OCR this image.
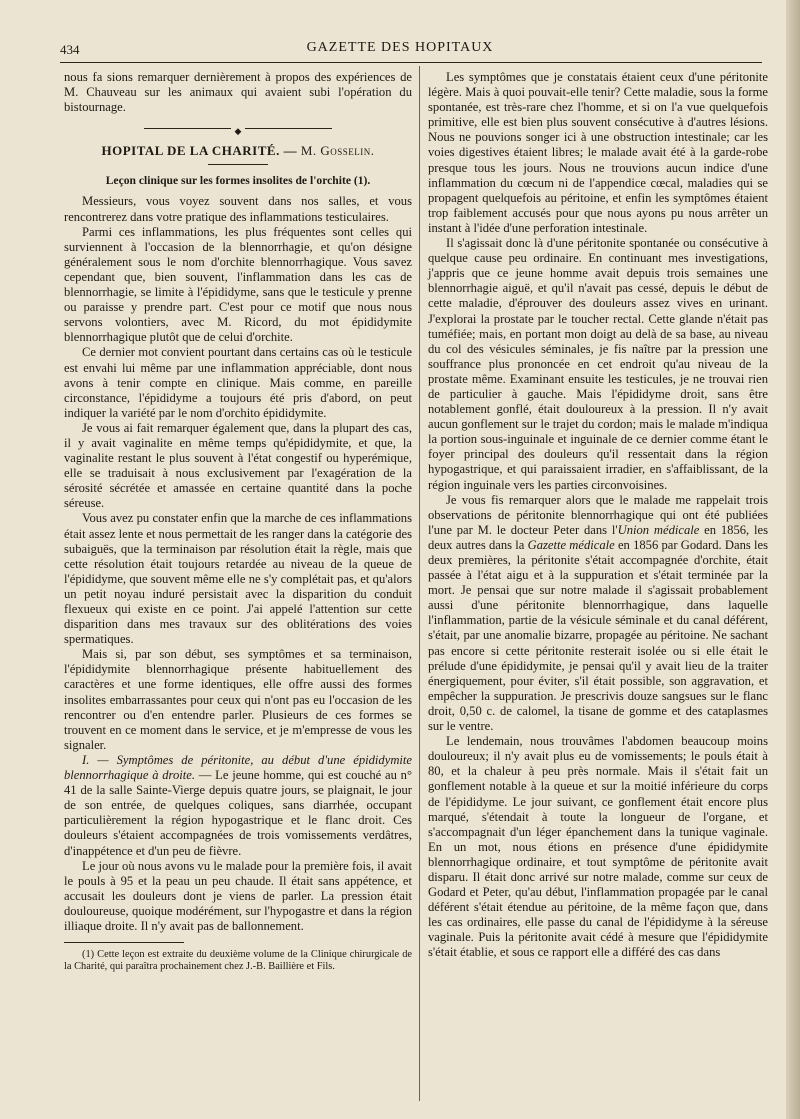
434	GAZETTE DES HOPITAUX

nous fa sions remarquer dernièrement à propos des expériences de M. Chauveau sur les animaux qui avaient subi l'opération du bistournage.

◆
HOPITAL DE LA CHARITÉ. — M. Gosselin.
Leçon clinique sur les formes insolites de l'orchite (1).

Messieurs, vous voyez souvent dans nos salles, et vous rencontrerez dans votre pratique des inflammations testiculaires.

Parmi ces inflammations, les plus fréquentes sont celles qui surviennent à l'occasion de la blennorrhagie, et qu'on désigne généralement sous le nom d'orchite blennorrhagique. Vous savez cependant que, bien souvent, l'inflammation dans les cas de blennorrhagie, se limite à l'épididyme, sans que le testicule y prenne ou paraisse y prendre part. C'est pour ce motif que nous nous servons volontiers, avec M. Ricord, du mot épididymite blennorrhagique plutôt que de celui d'orchite.

Ce dernier mot convient pourtant dans certains cas où le testicule est envahi lui même par une inflammation appréciable, dont nous avons à tenir compte en clinique. Mais comme, en pareille circonstance, l'épididyme a toujours été pris d'abord, on peut indiquer la variété par le nom d'orchito épididymite.

Je vous ai fait remarquer également que, dans la plupart des cas, il y avait vaginalite en même temps qu'épididymite, et que, la vaginalite restant le plus souvent à l'état congestif ou hyperémique, elle se traduisait à nous exclusivement par l'exagération de la sérosité sécrétée et amassée en certaine quantité dans la poche séreuse.

Vous avez pu constater enfin que la marche de ces inflammations était assez lente et nous permettait de les ranger dans la catégorie des subaiguës, que la terminaison par résolution était la règle, mais que cette résolution était toujours retardée au niveau de la queue de l'épididyme, que souvent même elle ne s'y complétait pas, et qu'alors un petit noyau induré persistait avec la disparition du conduit flexueux qui existe en ce point. J'ai appelé l'attention sur cette disparition dans mes travaux sur des oblitérations des voies spermatiques.

Mais si, par son début, ses symptômes et sa terminaison, l'épididymite blennorrhagique présente habituellement des caractères et une forme identiques, elle offre aussi des formes insolites embarrassantes pour ceux qui n'ont pas eu l'occasion de les rencontrer ou d'en entendre parler. Plusieurs de ces formes se trouvent en ce moment dans le service, et je m'empresse de vous les signaler.

I. — Symptômes de péritonite, au début d'une épididymite blennorrhagique à droite. — Le jeune homme, qui est couché au n° 41 de la salle Sainte-Vierge depuis quatre jours, se plaignait, le jour de son entrée, de quelques coliques, sans diarrhée, occupant particulièrement la région hypogastrique et le flanc droit. Ces douleurs s'étaient accompagnées de trois vomissements verdâtres, d'inappétence et d'un peu de fièvre.

Le jour où nous avons vu le malade pour la première fois, il avait le pouls à 95 et la peau un peu chaude. Il était sans appétence, et accusait les douleurs dont je viens de parler. La pression était douloureuse, quoique modérément, sur l'hypogastre et dans la région illiaque droite. Il n'y avait pas de ballonnement.

(1) Cette leçon est extraite du deuxième volume de la Clinique chirurgicale de la Charité, qui paraîtra prochainement chez J.-B. Baillière et Fils.

Les symptômes que je constatais étaient ceux d'une péritonite légère. Mais à quoi pouvait-elle tenir? Cette maladie, sous la forme spontanée, est très-rare chez l'homme, et si on l'a vue quelquefois primitive, elle est bien plus souvent consécutive à d'autres lésions. Nous ne pouvions songer ici à une obstruction intestinale; car les voies digestives étaient libres; le malade avait été à la garde-robe presque tous les jours. Nous ne trouvions aucun indice d'une inflammation du cœcum ni de l'appendice cœcal, maladies qui se propagent quelquefois au péritoine, et enfin les symptômes étaient trop faiblement accusés pour que nous ayons pu nous arrêter un instant à l'idée d'une perforation intestinale.

Il s'agissait donc là d'une péritonite spontanée ou consécutive à quelque cause peu ordinaire. En continuant mes investigations, j'appris que ce jeune homme avait depuis trois semaines une blennorrhagie aiguë, et qu'il n'avait pas cessé, depuis le début de cette maladie, d'éprouver des douleurs assez vives en urinant. J'explorai la prostate par le toucher rectal. Cette glande n'était pas tuméfiée; mais, en portant mon doigt au delà de sa base, au niveau du col des vésicules séminales, je fis naître par la pression une souffrance plus prononcée en cet endroit qu'au niveau de la prostate même. Examinant ensuite les testicules, je ne trouvai rien de particulier à gauche. Mais l'épididyme droit, sans être notablement gonflé, était douloureux à la pression. Il n'y avait aucun gonflement sur le trajet du cordon; mais le malade m'indiqua la portion sous-inguinale et inguinale de ce dernier comme étant le foyer principal des douleurs qu'il ressentait dans la région hypogastrique, et qui paraissaient irradier, en s'affaiblissant, de la région inguinale vers les parties circonvoisines.

Je vous fis remarquer alors que le malade me rappelait trois observations de péritonite blennorrhagique qui ont été publiées l'une par M. le docteur Peter dans l'Union médicale en 1856, les deux autres dans la Gazette médicale en 1856 par Godard. Dans les deux premières, la péritonite s'était accompagnée d'orchite, était passée à l'état aigu et à la suppuration et s'était terminée par la mort. Je pensai que sur notre malade il s'agissait probablement aussi d'une péritonite blennorrhagique, dans laquelle l'inflammation, partie de la vésicule séminale et du canal déférent, s'était, par une anomalie bizarre, propagée au péritoine. Ne sachant pas encore si cette péritonite resterait isolée ou si elle était le prélude d'une épididymite, je pensai qu'il y avait lieu de la traiter énergiquement, pour éviter, s'il était possible, son aggravation, et empêcher la suppuration. Je prescrivis douze sangsues sur le flanc droit, 0,50 c. de calomel, la tisane de gomme et des cataplasmes sur le ventre.

Le lendemain, nous trouvâmes l'abdomen beaucoup moins douloureux; il n'y avait plus eu de vomissements; le pouls était à 80, et la chaleur à peu près normale. Mais il s'était fait un gonflement notable à la queue et sur la moitié inférieure du corps de l'épididyme. Le jour suivant, ce gonflement était encore plus marqué, s'étendait à toute la longueur de l'organe, et s'accompagnait d'un léger épanchement dans la tunique vaginale. En un mot, nous étions en présence d'une épididymite blennorrhagique ordinaire, et tout symptôme de péritonite avait disparu. Il était donc arrivé sur notre malade, comme sur ceux de Godard et Peter, qu'au début, l'inflammation propagée par le canal déférent s'était étendue au péritoine, de la même façon que, dans les cas ordinaires, elle passe du canal de l'épididyme à la séreuse vaginale. Puis la péritonite avait cédé à mesure que l'épididymite s'était établie, et sous ce rapport elle a différé des cas dans
